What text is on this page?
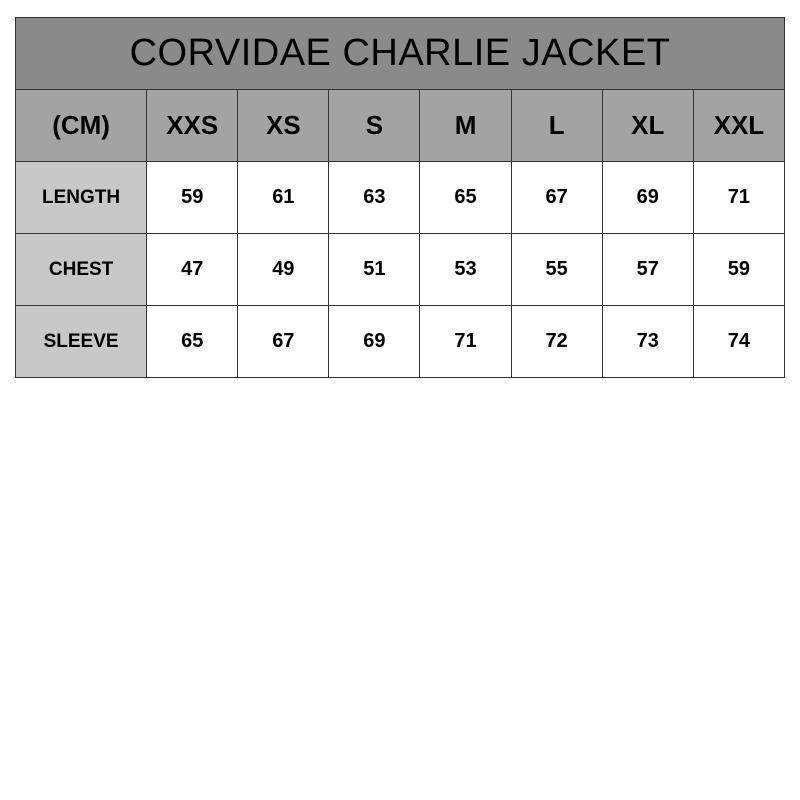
CORVIDAE CHARLIE JACKET							
(CM)	XXS	XS	S	M	L	XL	XXL
LENGTH	59	61	63	65	67	69	71
CHEST	47	49	51	53	55	57	59
SLEEVE	65	67	69	71	72	73	74
